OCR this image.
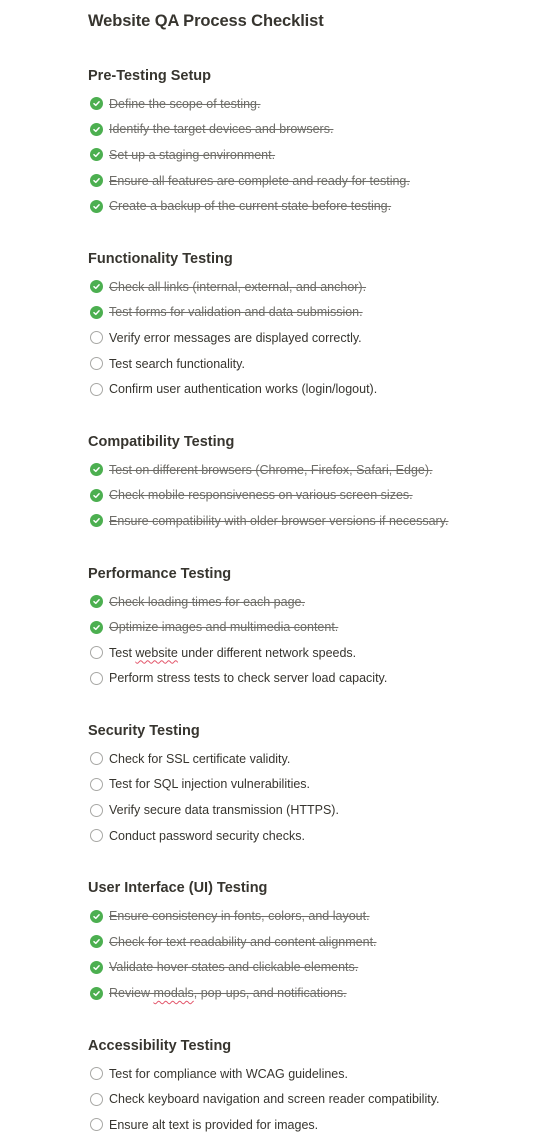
Website QA Process Checklist
Pre-Testing Setup
Define the scope of testing.
Identify the target devices and browsers.
Set up a staging environment.
Ensure all features are complete and ready for testing.
Create a backup of the current state before testing.
Functionality Testing
Check all links (internal, external, and anchor).
Test forms for validation and data submission.
Verify error messages are displayed correctly.
Test search functionality.
Confirm user authentication works (login/logout).
Compatibility Testing
Test on different browsers (Chrome, Firefox, Safari, Edge).
Check mobile responsiveness on various screen sizes.
Ensure compatibility with older browser versions if necessary.
Performance Testing
Check loading times for each page.
Optimize images and multimedia content.
Test website under different network speeds.
Perform stress tests to check server load capacity.
Security Testing
Check for SSL certificate validity.
Test for SQL injection vulnerabilities.
Verify secure data transmission (HTTPS).
Conduct password security checks.
User Interface (UI) Testing
Ensure consistency in fonts, colors, and layout.
Check for text readability and content alignment.
Validate hover states and clickable elements.
Review modals, pop-ups, and notifications.
Accessibility Testing
Test for compliance with WCAG guidelines.
Check keyboard navigation and screen reader compatibility.
Ensure alt text is provided for images.
